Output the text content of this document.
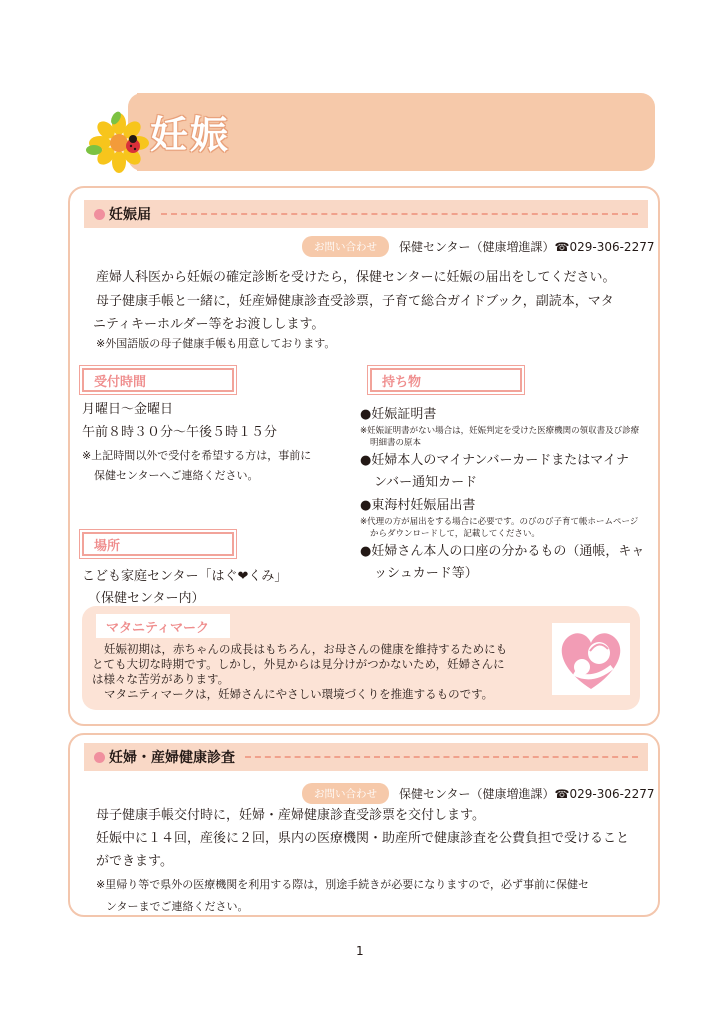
妊娠
妊娠届
お問い合わせ	保健センター（健康増進課）☎029-306-2277
産婦人科医から妊娠の確定診断を受けたら，保健センターに妊娠の届出をしてください。
母子健康手帳と一緒に，妊産婦健康診査受診票，子育て総合ガイドブック，副読本，マタ
ニティキーホルダー等をお渡しします。
※外国語版の母子健康手帳も用意しております。
受付時間
月曜日～金曜日
午前８時３０分～午後５時１５分
※上記時間以外で受付を希望する方は，事前に
保健センターへご連絡ください。
場所
こども家庭センター「はぐ❤くみ」
（保健センター内）
持ち物
●妊娠証明書
※妊娠証明書がない場合は，妊娠判定を受けた医療機関の領収書及び診療
明細書の原本
●妊婦本人のマイナンバーカードまたはマイナ
ンバー通知カード
●東海村妊娠届出書
※代理の方が届出をする場合に必要です。のびのび子育て帳ホームページ
からダウンロードして，記載してください。
●妊婦さん本人の口座の分かるもの（通帳，キャ
ッシュカード等）
マタニティマーク
妊娠初期は，赤ちゃんの成長はもちろん，お母さんの健康を維持するためにも
とても大切な時期です。しかし，外見からは見分けがつかないため，妊婦さんに
は様々な苦労があります。
マタニティマークは，妊婦さんにやさしい環境づくりを推進するものです。
妊婦・産婦健康診査
お問い合わせ	保健センター（健康増進課）☎029-306-2277
母子健康手帳交付時に，妊婦・産婦健康診査受診票を交付します。
妊娠中に１４回，産後に２回，県内の医療機関・助産所で健康診査を公費負担で受けること
ができます。
※里帰り等で県外の医療機関を利用する際は，別途手続きが必要になりますので，必ず事前に保健セ
ンターまでご連絡ください。
1
